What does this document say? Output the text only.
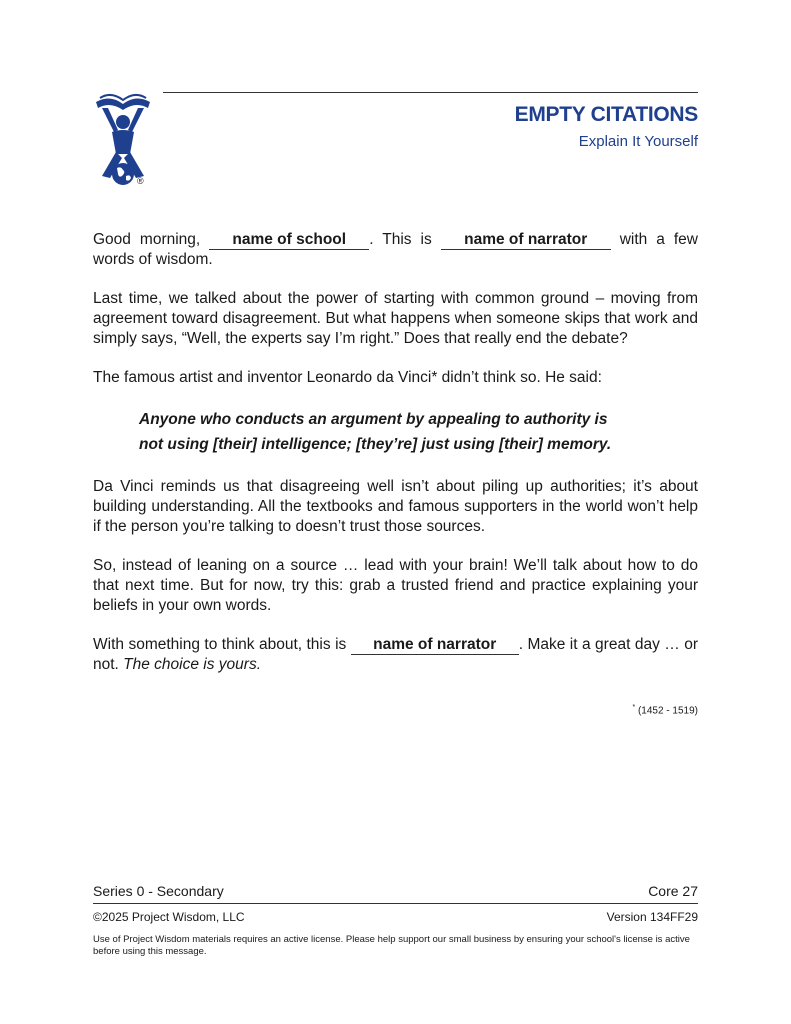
®
EMPTY CITATIONS
Explain It Yourself

Good morning, name of school . This is name of narrator with a few words of wisdom.

Last time, we talked about the power of starting with common ground – moving from agreement toward disagreement. But what happens when someone skips that work and simply says, “Well, the experts say I’m right.” Does that really end the debate?

The famous artist and inventor Leonardo da Vinci* didn’t think so. He said:

Anyone who conducts an argument by appealing to authority is
not using [their] intelligence; [they’re] just using [their] memory.

Da Vinci reminds us that disagreeing well isn’t about piling up authorities; it’s about building understanding. All the textbooks and famous supporters in the world won’t help if the person you’re talking to doesn’t trust those sources.

So, instead of leaning on a source … lead with your brain! We’ll talk about how to do that next time. But for now, try this: grab a trusted friend and practice explaining your beliefs in your own words.

With something to think about, this is name of narrator . Make it a great day … or not. The choice is yours.

* (1452 - 1519)
Series 0 - Secondary	Core 27
©2025 Project Wisdom, LLC	Version 134FF29
Use of Project Wisdom materials requires an active license. Please help support our small business by ensuring your school's license is active before using this message.
